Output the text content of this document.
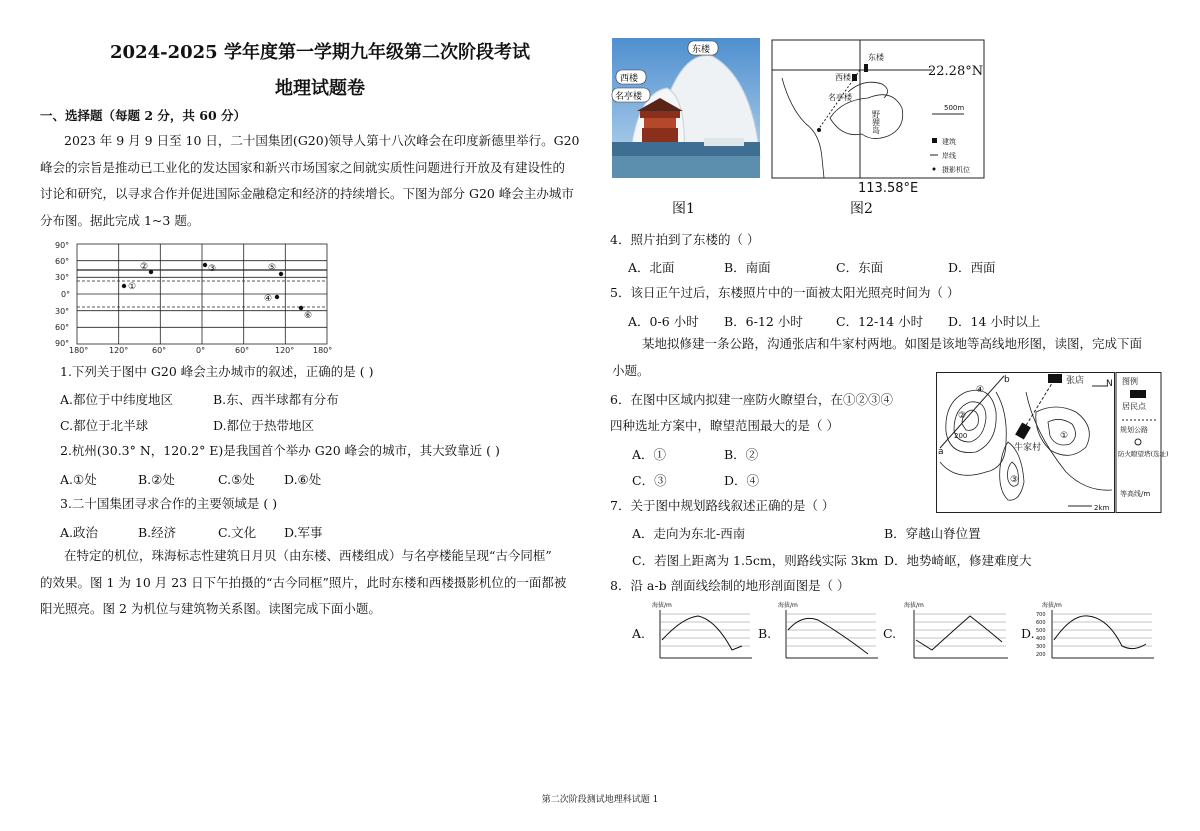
2024-2025 学年度第一学期九年级第二次阶段考试
地理试题卷
一、选择题（每题 2 分，共 60 分）
2023 年 9 月 9 日至 10 日，二十国集团(G20)领导人第十八次峰会在印度新德里举行。G20
峰会的宗旨是推动已工业化的发达国家和新兴市场国家之间就实质性问题进行开放及有建设性的
讨论和研究，以寻求合作并促进国际金融稳定和经济的持续增长。下图为部分 G20 峰会主办城市
分布图。据此完成 1~3 题。
90°
60°
30°
0°
30°
60°
90°
180°	120°	60°	0°	60°	120° 180°
①
②	③
④
⑤
⑥
1.下列关于图中 G20 峰会主办城市的叙述，正确的是 ( )
A.都位于中纬度地区	B.东、西半球都有分布
C.都位于北半球	D.都位于热带地区
2.杭州(30.3° N，120.2° E)是我国首个举办 G20 峰会的城市，其大致靠近 ( )
A.①处	B.②处	C.⑤处 D.⑥处
3.二十国集团寻求合作的主要领域是 ( )
A.政治	B.经济	C.文化 D.军事
在特定的机位，珠海标志性建筑日月贝（由东楼、西楼组成）与名亭楼能呈现“古今同框”
的效果。图 1 为 10 月 23 日下午拍摄的“古今同框”照片，此时东楼和西楼摄影机位的一面都被
阳光照亮。图 2 为机位与建筑物关系图。读图完成下面小题。
东楼
西楼
名亭楼
图1
西楼
东楼
名亭楼
野狸岛
500m
建筑
岸线
摄影机位
113.58°E
22.28°N
图2
4．照片拍到了东楼的（ ）
A．北面	B．南面	C．东面	D．西面
5．该日正午过后，东楼照片中的一面被太阳光照亮时间为（ ）
A．0-6 小时 B．6-12 小时	C．12-14 小时 D．14 小时以上
某地拟修建一条公路，沟通张店和牛家村两地。如图是该地等高线地形图，读图，完成下面
小题。
6．在图中区域内拟建一座防火瞭望台，在①②③④
四种选址方案中，瞭望范围最大的是（ ）
A．①	B．②
C．③	D．④
张店
牛家村
a
b	N
①
②
③
④
200
2km
图例
居民点
规划公路
防火瞭望塔(选址)
等高线/m
7．关于图中规划路线叙述正确的是（ ）
A．走向为东北-西南	B．穿越山脊位置
C．若图上距离为 1.5cm，则路线实际 3km D．地势崎岖，修建难度大
8．沿 a-b 剖面线绘制的地形剖面图是（ ）
A.	B.	C.	D.
海拔/m	海拔/m	海拔/m	海拔/m
700
600
500
400
300
200
第二次阶段测试地理科试题 1
